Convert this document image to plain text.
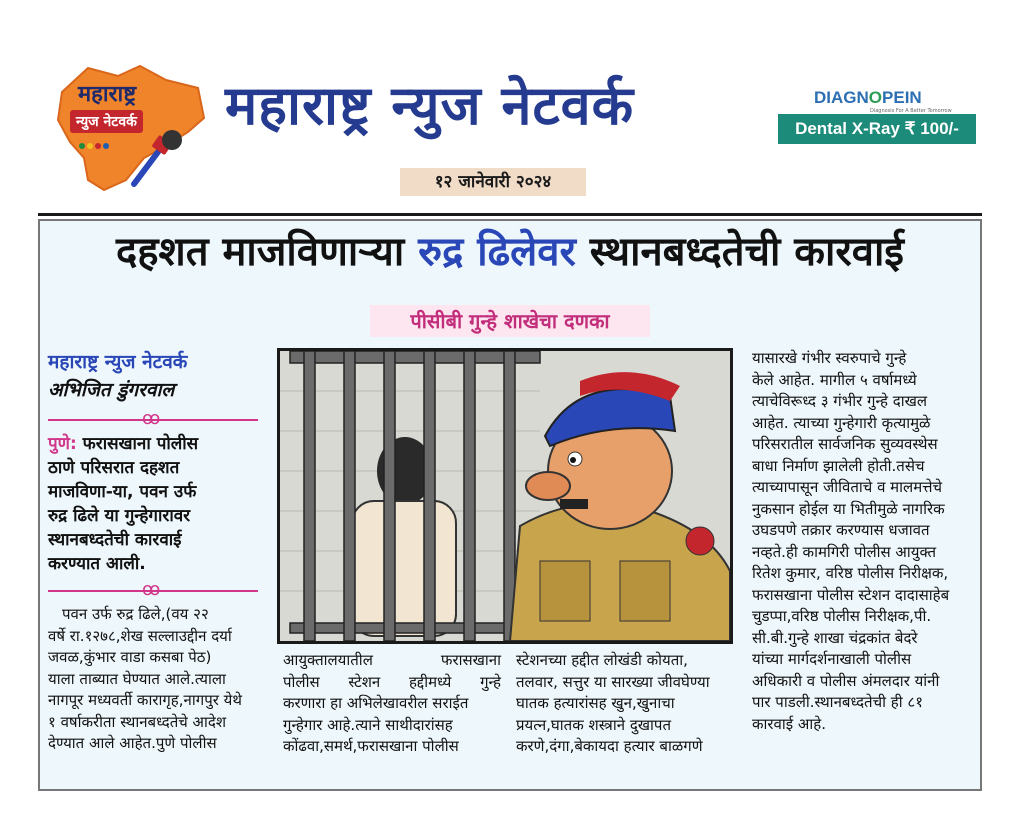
महाराष्ट्र
न्युज नेटवर्क महाराष्ट्र न्युज नेटवर्क
१२ जानेवारी २०२४
DIAGNOPEIN
Diagnosis For A Better Tomorrow
Dental X-Ray ₹ 100/-
दहशत माजविणाऱ्या रुद्र ढिलेवर स्थानबध्दतेची कारवाई
पीसीबी गुन्हे शाखेचा दणका
महाराष्ट्र न्युज नेटवर्क
अभिजित डुंगरवाल
ꝏ
पुणे: फरासखाना पोलीस
ठाणे परिसरात दहशत
माजविणा-या, पवन उर्फ
रुद्र ढिले या गुन्हेगारावर
स्थानबध्दतेची कारवाई
करण्यात आली.
ꝏ
पवन उर्फ रुद्र ढिले,(वय २२
वर्षे रा.१२७८,शेख सल्लाउद्दीन दर्या
जवळ,कुंभार वाडा कसबा पेठ)
याला ताब्यात घेण्यात आले.त्याला
नागपूर मध्यवर्ती कारागृह,नागपुर येथे
१ वर्षाकरीता स्थानबध्दतेचे आदेश
देण्यात आले आहेत.पुणे पोलीस
आयुक्तालयातील फरासखाना
पोलीस स्टेशन हद्दीमध्ये गुन्हे
करणारा हा अभिलेखावरील सराईत
गुन्हेगार आहे.त्याने साथीदारांसह
कोंढवा,समर्थ,फरासखाना पोलीस
स्टेशनच्या हद्दीत लोखंडी कोयता,
तलवार, सत्तुर या सारख्या जीवघेण्या
घातक हत्यारांसह खुन,खुनाचा
प्रयत्न,घातक शस्त्राने दुखापत
करणे,दंगा,बेकायदा हत्यार बाळगणे
यासारखे गंभीर स्वरुपाचे गुन्हे
केले आहेत. मागील ५ वर्षामध्ये
त्याचेविरूध्द ३ गंभीर गुन्हे दाखल
आहेत. त्याच्या गुन्हेगारी कृत्यामुळे
परिसरातील सार्वजनिक सुव्यवस्थेस
बाधा निर्माण झालेली होती.तसेच
त्याच्यापासून जीविताचे व मालमत्तेचे
नुकसान होईल या भितीमुळे नागरिक
उघडपणे तक्रार करण्यास धजावत
नव्हते.ही कामगिरी पोलीस आयुक्त
रितेश कुमार, वरिष्ठ पोलीस निरीक्षक,
फरासखाना पोलीस स्टेशन दादासाहेब
चुडप्पा,वरिष्ठ पोलीस निरीक्षक,पी.
सी.बी.गुन्हे शाखा चंद्रकांत बेदरे
यांच्या मार्गदर्शनाखाली पोलीस
अधिकारी व पोलीस अंमलदार यांनी
पार पाडली.स्थानबध्दतेची ही ८१
कारवाई आहे.
